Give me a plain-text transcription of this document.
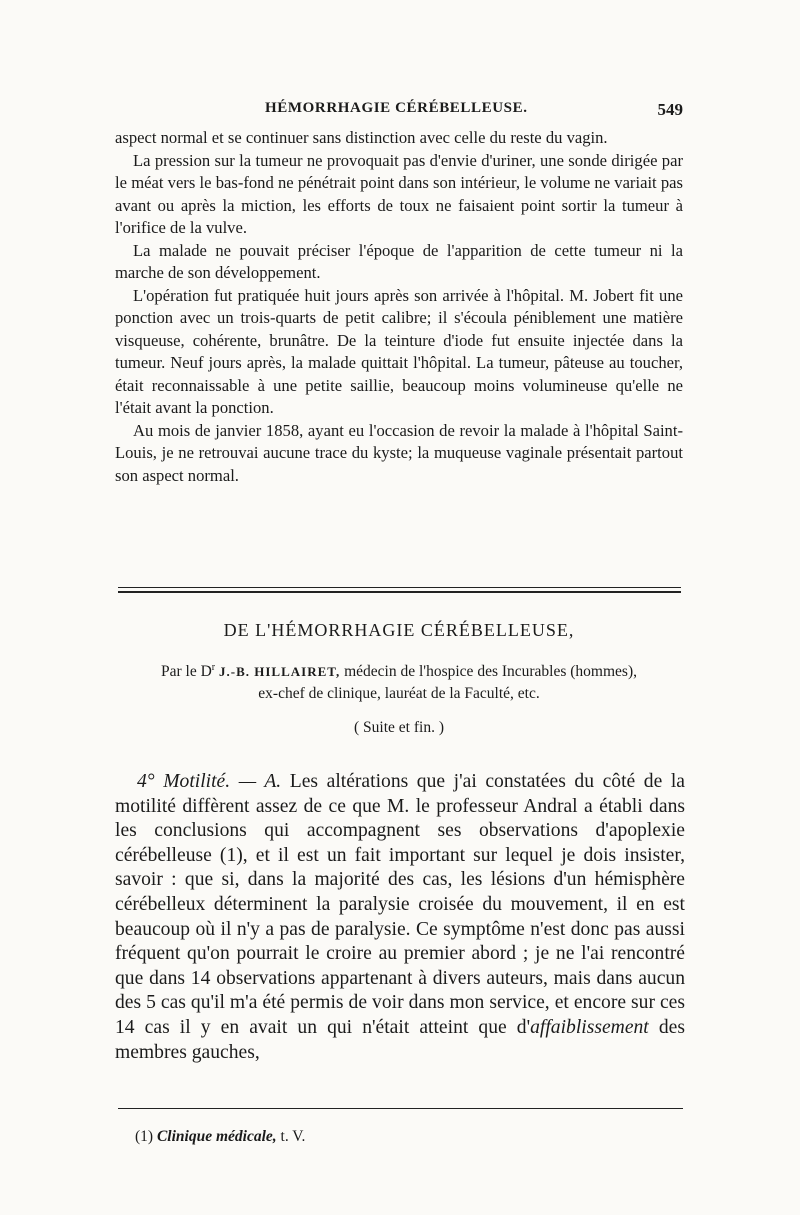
HÉMORRHAGIE CÉRÉBELLEUSE.	549

aspect normal et se continuer sans distinction avec celle du reste du vagin.

La pression sur la tumeur ne provoquait pas d'envie d'uriner, une sonde dirigée par le méat vers le bas-fond ne pénétrait point dans son intérieur, le volume ne variait pas avant ou après la miction, les efforts de toux ne faisaient point sortir la tumeur à l'orifice de la vulve.

La malade ne pouvait préciser l'époque de l'apparition de cette tumeur ni la marche de son développement.

L'opération fut pratiquée huit jours après son arrivée à l'hôpital. M. Jobert fit une ponction avec un trois-quarts de petit calibre; il s'écoula péniblement une matière visqueuse, cohérente, brunâtre. De la teinture d'iode fut ensuite injectée dans la tumeur. Neuf jours après, la malade quittait l'hôpital. La tumeur, pâteuse au toucher, était reconnaissable à une petite saillie, beaucoup moins volumineuse qu'elle ne l'était avant la ponction.

Au mois de janvier 1858, ayant eu l'occasion de revoir la malade à l'hôpital Saint-Louis, je ne retrouvai aucune trace du kyste; la muqueuse vaginale présentait partout son aspect normal.

DE L'HÉMORRHAGIE CÉRÉBELLEUSE,

Par le $D^r$ J.-B. HILLAIRET, médecin de l'hospice des Incurables (hommes),
ex-chef de clinique, lauréat de la Faculté, etc.

( Suite et fin. )

4° Motilité. — A. Les altérations que j'ai constatées du côté de la motilité diffèrent assez de ce que M. le professeur Andral a établi dans les conclusions qui accompagnent ses observations d'apoplexie cérébelleuse (1), et il est un fait important sur lequel je dois insister, savoir : que si, dans la majorité des cas, les lésions d'un hémisphère cérébelleux déterminent la paralysie croisée du mouvement, il en est beaucoup où il n'y a pas de paralysie. Ce symptôme n'est donc pas aussi fréquent qu'on pourrait le croire au premier abord ; je ne l'ai rencontré que dans 14 observations appartenant à divers auteurs, mais dans aucun des 5 cas qu'il m'a été permis de voir dans mon service, et encore sur ces 14 cas il y en avait un qui n'était atteint que d'affaiblissement des membres gauches,

(1) Clinique médicale, t. V.
